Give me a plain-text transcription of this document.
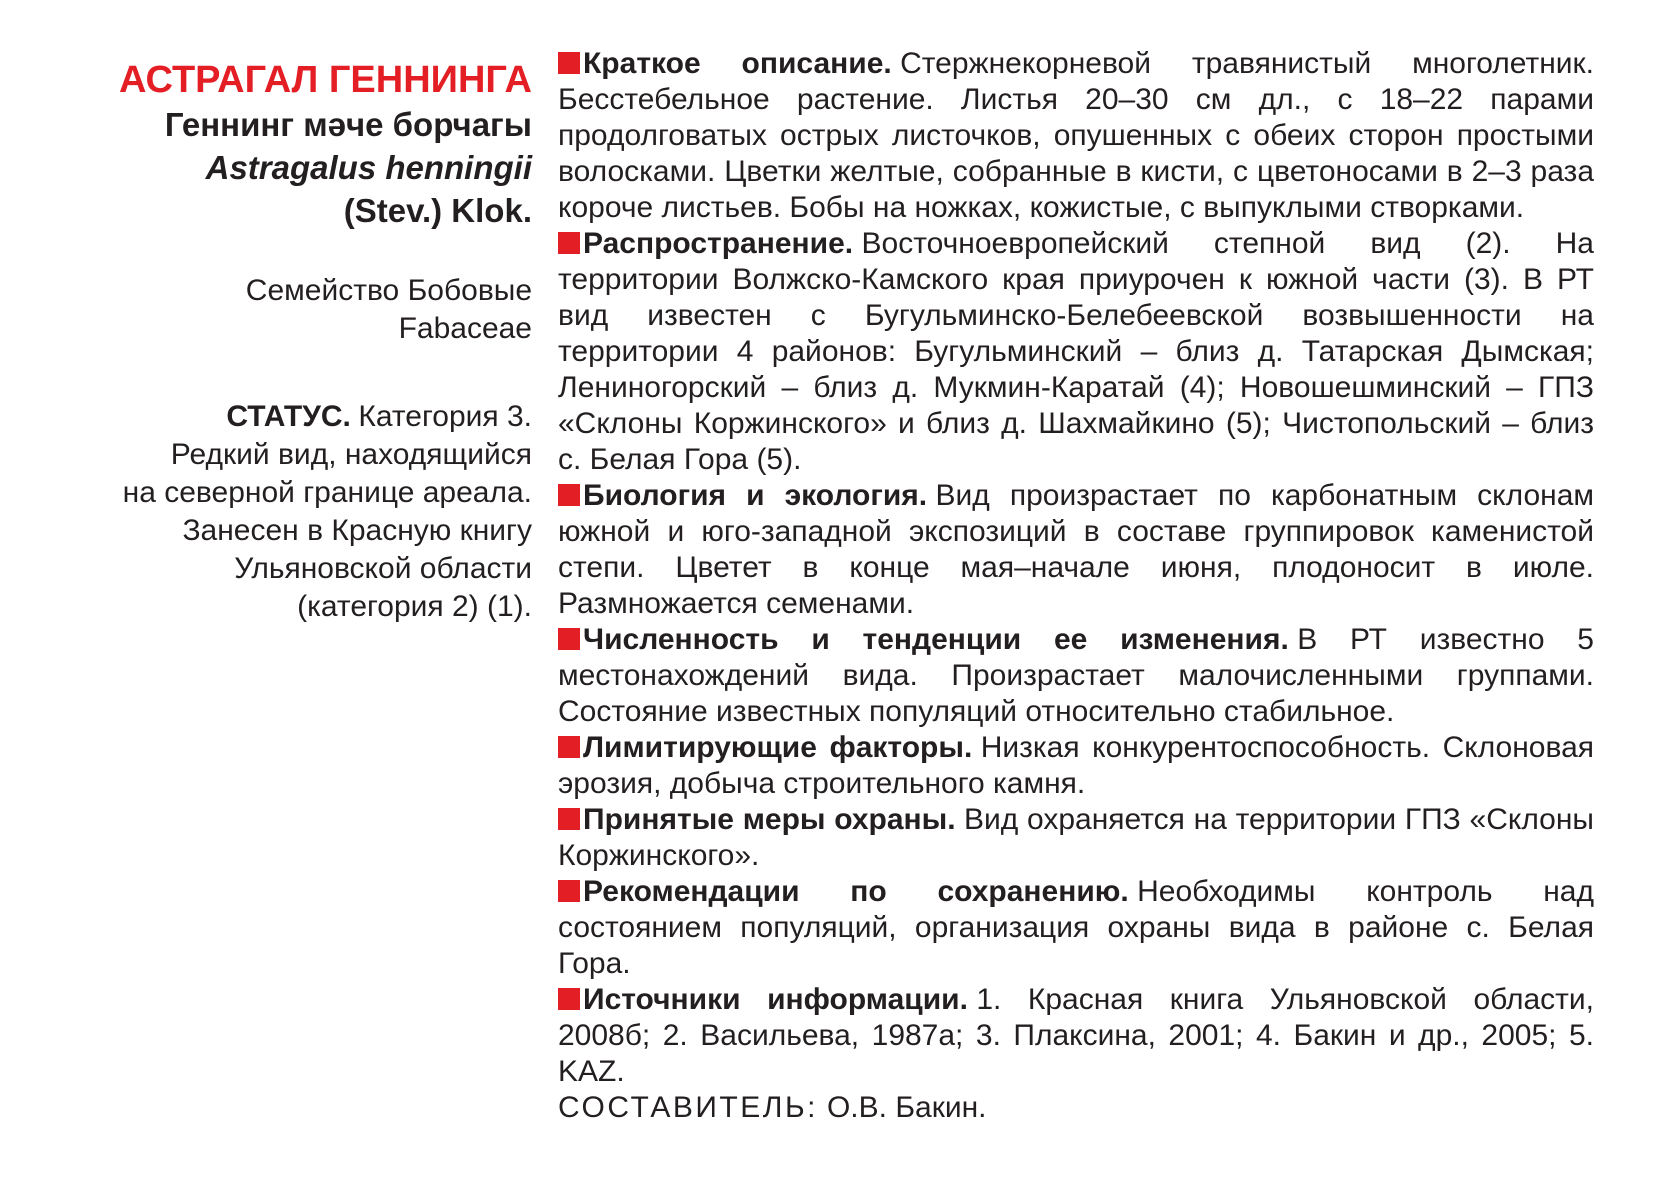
АСТРАГАЛ ГЕННИНГА
Геннинг мәче борчагы
Astragalus henningii
(Stev.) Klok.
Семейство Бобовые
Fabaceae
СТАТУС. Категория 3.
Редкий вид, находящийся
на северной границе ареала.
Занесен в Красную книгу
Ульяновской области
(категория 2) (1).

Краткое описание. Стержнекорневой травянистый многолетник. Бесстебельное растение. Листья 20–30 см дл., с 18–22 парами продолговатых острых листочков, опушенных с обеих сторон простыми волосками. Цветки желтые, собранные в кисти, с цветоносами в 2–3 раза короче листьев. Бобы на ножках, кожистые, с выпуклыми створками.

Распространение. Восточноевропейский степной вид (2). На территории Волжско-Камского края приурочен к южной части (3). В РТ вид известен с Бугульминско-Белебеевской возвышенности на территории 4 районов: Бугульминский – близ д. Татарская Дымская; Лениногорский – близ д. Мукмин-Каратай (4); Новошешминский – ГПЗ «Склоны Коржинского» и близ д. Шахмайкино (5); Чистопольский – близ с. Белая Гора (5).

Биология и экология. Вид произрастает по карбонатным склонам южной и юго-западной экспозиций в составе группировок каменистой степи. Цветет в конце мая–начале июня, плодоносит в июле. Размножается семенами.

Численность и тенденции ее изменения. В РТ известно 5 местонахождений вида. Произрастает малочисленными группами. Состояние известных популяций относительно стабильное.

Лимитирующие факторы. Низкая конкурентоспособность. Склоновая эрозия, добыча строительного камня.

Принятые меры охраны. Вид охраняется на территории ГПЗ «Склоны Коржинского».

Рекомендации по сохранению. Необходимы контроль над состоянием популяций, организация охраны вида в районе с. Белая Гора.

Источники информации. 1. Красная книга Ульяновской области, 2008б; 2. Васильева, 1987а; 3. Плаксина, 2001; 4. Бакин и др., 2005; 5. KAZ.

СОСТАВИТЕЛЬ: О.В. Бакин.
